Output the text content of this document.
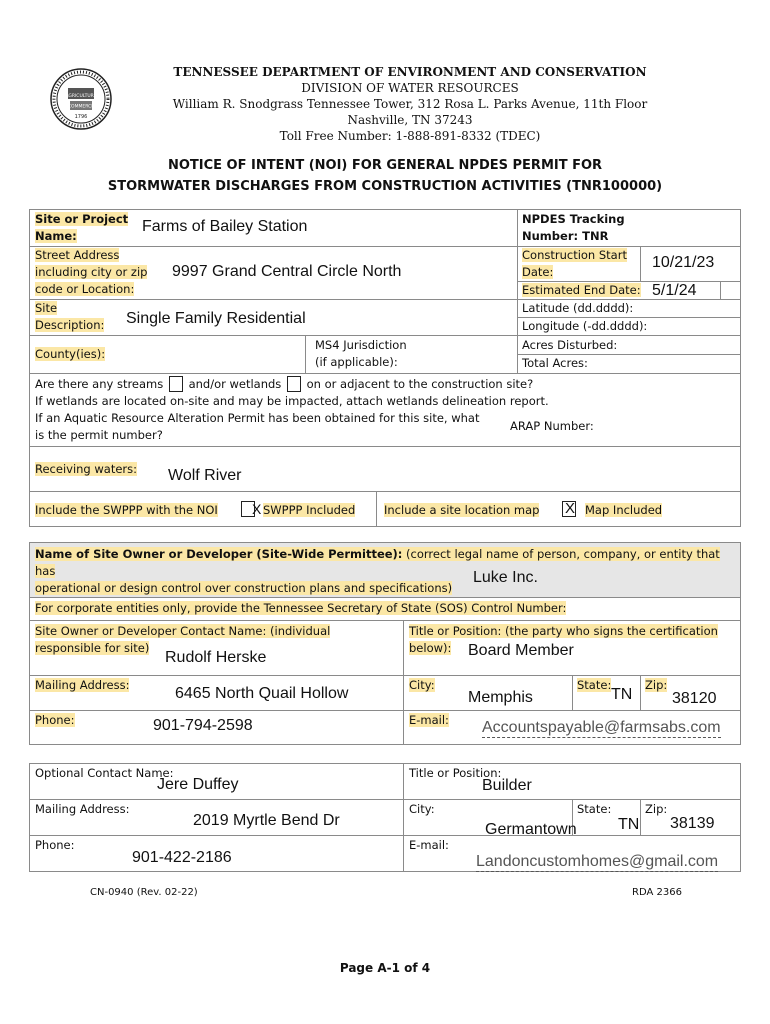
AGRICULTURE
COMMERCE
1796
TENNESSEE DEPARTMENT OF ENVIRONMENT AND CONSERVATION
DIVISION OF WATER RESOURCES
William R. Snodgrass Tennessee Tower, 312 Rosa L. Parks Avenue, 11th Floor
Nashville, TN 37243
Toll Free Number: 1-888-891-8332 (TDEC)
NOTICE OF INTENT (NOI) FOR GENERAL NPDES PERMIT FOR
STORMWATER DISCHARGES FROM CONSTRUCTION ACTIVITIES (TNR100000)
Site or Project
Name:
Farms of Bailey Station
Street Address
including city or zip
code or Location:
9997 Grand Central Circle North
Site
Description: Single Family Residential
County(ies):
MS4 Jurisdiction
(if applicable):
NPDES Tracking
Number: TNR
Construction Start
Date:
10/21/23
Estimated End Date: 5/1/24
Latitude (dd.dddd):
Longitude (-dd.dddd):
Acres Disturbed:
Total Acres:
Are there any streams and/or wetlands on or adjacent to the construction site?
If wetlands are located on-site and may be impacted, attach wetlands delineation report.
If an Aquatic Resource Alteration Permit has been obtained for this site, what
is the permit number?
ARAP Number:
Receiving waters: Wolf River
Include the SWPPP with the NOI X SWPPP Included Include a site location map X Map Included
Name of Site Owner or Developer (Site-Wide Permittee): (correct legal name of person, company, or entity that has
operational or design control over construction plans and specifications)
Luke Inc.
For corporate entities only, provide the Tennessee Secretary of State (SOS) Control Number:
Site Owner or Developer Contact Name: (individual
responsible for site)
Rudolf Herske
Title or Position: (the party who signs the certification
below):	Board Member
Mailing Address:	6465 North Quail Hollow	City:
Memphis
State:
TN
Zip:
38120
Phone:	901-794-2598	E-mail: Accountspayable@farmsabs.com
Optional Contact Name:
Jere Duffey
Title or Position:
Builder
Mailing Address:
2019 Myrtle Bend Dr
City:
Germantown
State:
TN
Zip:
38139
Phone:
901-422-2186
E-mail:
Landoncustomhomes@gmail.com
CN-0940 (Rev. 02-22)	RDA 2366
Page A-1 of 4
